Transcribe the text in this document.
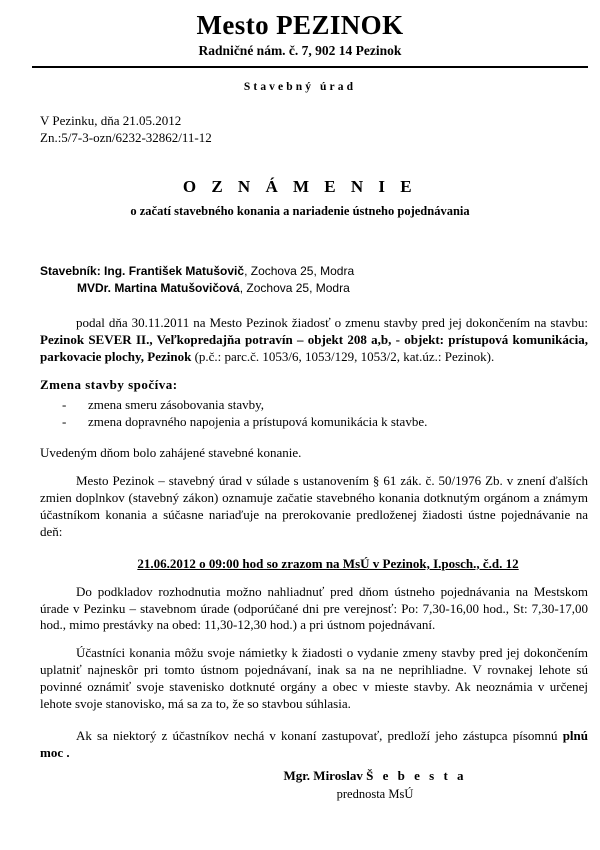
Mesto PEZINOK
Radničné nám. č. 7, 902 14 Pezinok
Stavebný úrad
V Pezinku, dňa 21.05.2012
Zn.:5/7-3-ozn/6232-32862/11-12
O Z N Á M E N I E
o začatí stavebného konania a nariadenie ústneho pojednávania
Stavebník: Ing. František Matušovič, Zochova 25, Modra
MVDr. Martina Matušovičová, Zochova 25, Modra

podal dňa 30.11.2011 na Mesto Pezinok žiadosť o zmenu stavby pred jej dokončením na stavbu: Pezinok SEVER II., Veľkopredajňa potravín – objekt 208 a,b, - objekt: prístupová komunikácia, parkovacie plochy, Pezinok (p.č.: parc.č. 1053/6, 1053/129, 1053/2, kat.úz.: Pezinok).

Zmena stavby spočíva:
- zmena smeru zásobovania stavby,
- zmena dopravného napojenia a prístupová komunikácia k stavbe.

Uvedeným dňom bolo zahájené stavebné konanie.

Mesto Pezinok – stavebný úrad v súlade s ustanovením § 61 zák. č. 50/1976 Zb. v znení ďalších zmien doplnkov (stavebný zákon) oznamuje začatie stavebného konania dotknutým orgánom a známym účastníkom konania a súčasne nariaďuje na prerokovanie predloženej žiadosti ústne pojednávanie na deň:

21.06.2012 o 09:00 hod so zrazom na MsÚ v Pezinok, I.posch., č.d. 12

Do podkladov rozhodnutia možno nahliadnuť pred dňom ústneho pojednávania na Mestskom úrade v Pezinku – stavebnom úrade (odporúčané dni pre verejnosť: Po: 7,30-16,00 hod., St: 7,30-17,00 hod., mimo prestávky na obed: 11,30-12,30 hod.) a pri ústnom pojednávaní.

Účastníci konania môžu svoje námietky k žiadosti o vydanie zmeny stavby pred jej dokončením uplatniť najneskôr pri tomto ústnom pojednávaní, inak sa na ne neprihliadne. V rovnakej lehote sú povinné oznámiť svoje stavenisko dotknuté orgány a obec v mieste stavby. Ak neoznámia v určenej lehote svoje stanovisko, má sa za to, že so stavbou súhlasia.

Ak sa niektorý z účastníkov nechá v konaní zastupovať, predloží jeho zástupca písomnú plnú moc .

Mgr. Miroslav Š e b e s t a
prednosta MsÚ
